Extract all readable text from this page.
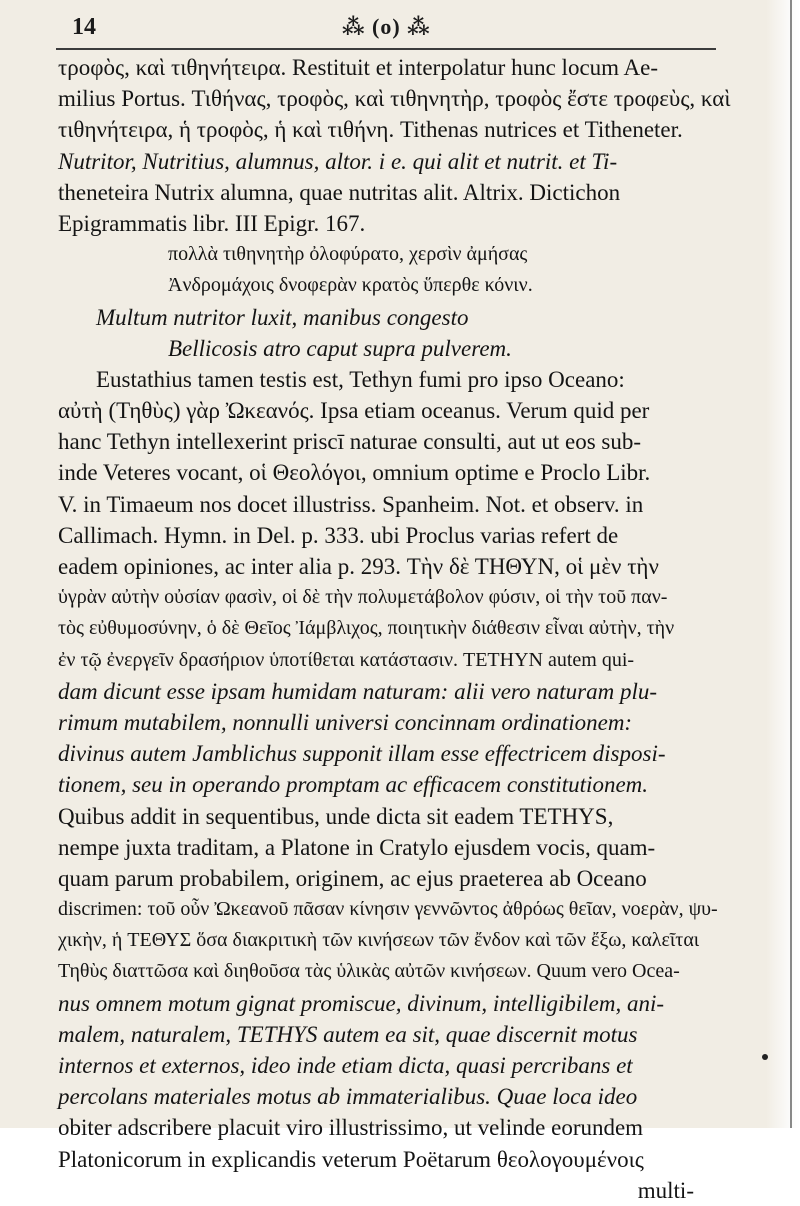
14	⁂ (o) ⁂
τροφὸς, καὶ τιθηνήτειρα. Restituit et interpolatur hunc locum Ae-
milius Portus. Τιθήνας, τροφὸς, καὶ τιθηνητὴρ, τροφὸς ἔστε τροφεὺς, καὶ
τιθηνήτειρα, ἡ τροφὸς, ἡ καὶ τιθήνη. Tithenas nutrices et Titheneter.
Nutritor, Nutritius, alumnus, altor. i e. qui alit et nutrit. et Ti-
theneteira Nutrix alumna, quae nutritas alit. Altrix. Dictichon
Epigrammatis libr. III Epigr. 167.
πολλὰ τιθηνητὴρ ὀλοφύρατο, χερσὶν ἀμήσας
Ἀνδρομάχοις δνοφερὰν κρατὸς ὕπερθε κόνιν.
Multum nutritor luxit, manibus congesto
Bellicosis atro caput supra pulverem.
Eustathius tamen testis est, Tethyn fumi pro ipso Oceano:
αὐτὴ (Τηθὺς) γὰρ Ὠκεανός. Ipsa etiam oceanus. Verum quid per
hanc Tethyn intellexerint priscī naturae consulti, aut ut eos sub-
inde Veteres vocant, οἱ Θεολόγοι, omnium optime e Proclo Libr.
V. in Timaeum nos docet illustriss. Spanheim. Not. et observ. in
Callimach. Hymn. in Del. p. 333. ubi Proclus varias refert de
eadem opiniones, ac inter alia p. 293. Τὴν δὲ ΤΗΘΥΝ, οἱ μὲν τὴν
ὑγρὰν αὐτὴν οὐσίαν φασὶν, οἱ δὲ τὴν πολυμετάβολον φύσιν, οἱ τὴν τοῦ παν-
τὸς εὐθυμοσύνην, ὁ δὲ Θεῖος Ἰάμβλιχος, ποιητικὴν διάθεσιν εἶναι αὐτὴν, τὴν
ἐν τῷ ἐνεργεῖν δρασήριον ὑποτίθεται κατάστασιν. TETHYN autem qui-
dam dicunt esse ipsam humidam naturam: alii vero naturam plu-
rimum mutabilem, nonnulli universi concinnam ordinationem:
divinus autem Jamblichus supponit illam esse effectricem disposi-
tionem, seu in operando promptam ac efficacem constitutionem.
Quibus addit in sequentibus, unde dicta sit eadem TETHYS,
nempe juxta traditam, a Platone in Cratylo ejusdem vocis, quam-
quam parum probabilem, originem, ac ejus praeterea ab Oceano
discrimen: τοῦ οὖν Ὠκεανοῦ πᾶσαν κίνησιν γεννῶντος ἀθρόως θεῖαν, νοερὰν, ψυ-
χικὴν, ἡ TEΘΥΣ ὅσα διακριτικὴ τῶν κινήσεων τῶν ἔνδον καὶ τῶν ἔξω, καλεῖται
Τηθὺς διαττῶσα καὶ διηθοῦσα τὰς ὑλικὰς αὐτῶν κινήσεων. Quum vero Ocea-
nus omnem motum gignat promiscue, divinum, intelligibilem, ani-
malem, naturalem, TETHYS autem ea sit, quae discernit motus
internos et externos, ideo inde etiam dicta, quasi percribans et
percolans materiales motus ab immaterialibus. Quae loca ideo
obiter adscribere placuit viro illustrissimo, ut velinde eorundem
Platonicorum in explicandis veterum Poëtarum θεολογουμένοις
multi-
